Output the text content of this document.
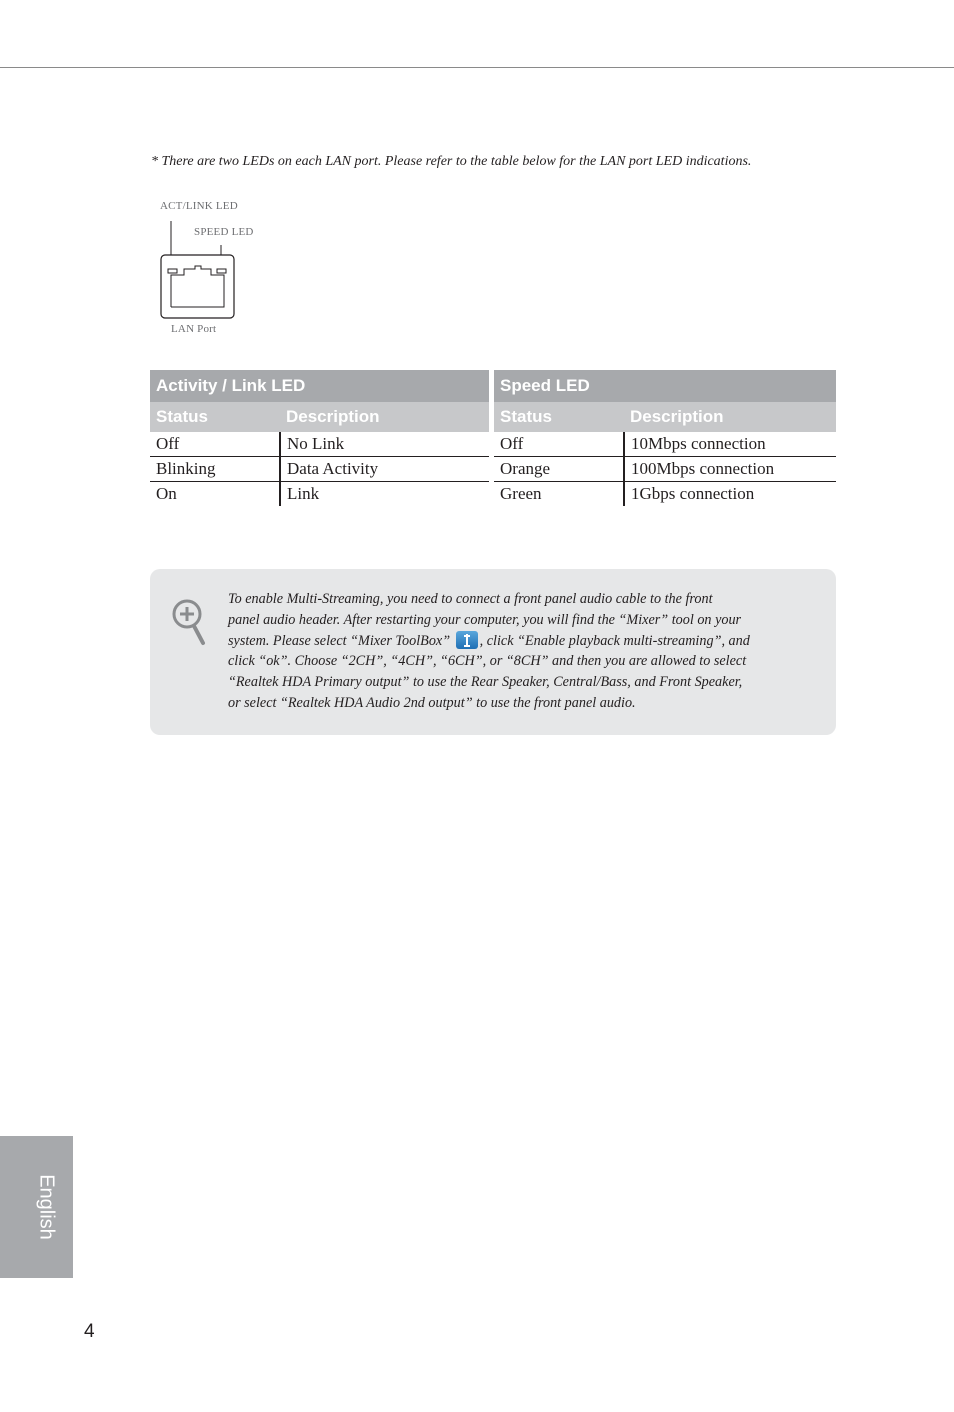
* There are two LEDs on each LAN port. Please refer to the table below for the LAN port LED indications.
ACT/LINK LED
SPEED LED
LAN Port
Activity / Link LED	
Status	Description
Off	No Link
Blinking	Data Activity
On	Link
Speed LED	
Status	Description
Off	10Mbps connection
Orange	100Mbps connection
Green	1Gbps connection
To enable Multi-Streaming, you need to connect a front panel audio cable to the front
panel audio header. After restarting your computer, you will find the “Mixer” tool on your
system. Please select “Mixer ToolBox” , click “Enable playback multi-streaming”, and
click “ok”. Choose “2CH”, “4CH”, “6CH”, or “8CH” and then you are allowed to select
“Realtek HDA Primary output” to use the Rear Speaker, Central/Bass, and Front Speaker,
or select “Realtek HDA Audio 2nd output” to use the front panel audio.
English
4
